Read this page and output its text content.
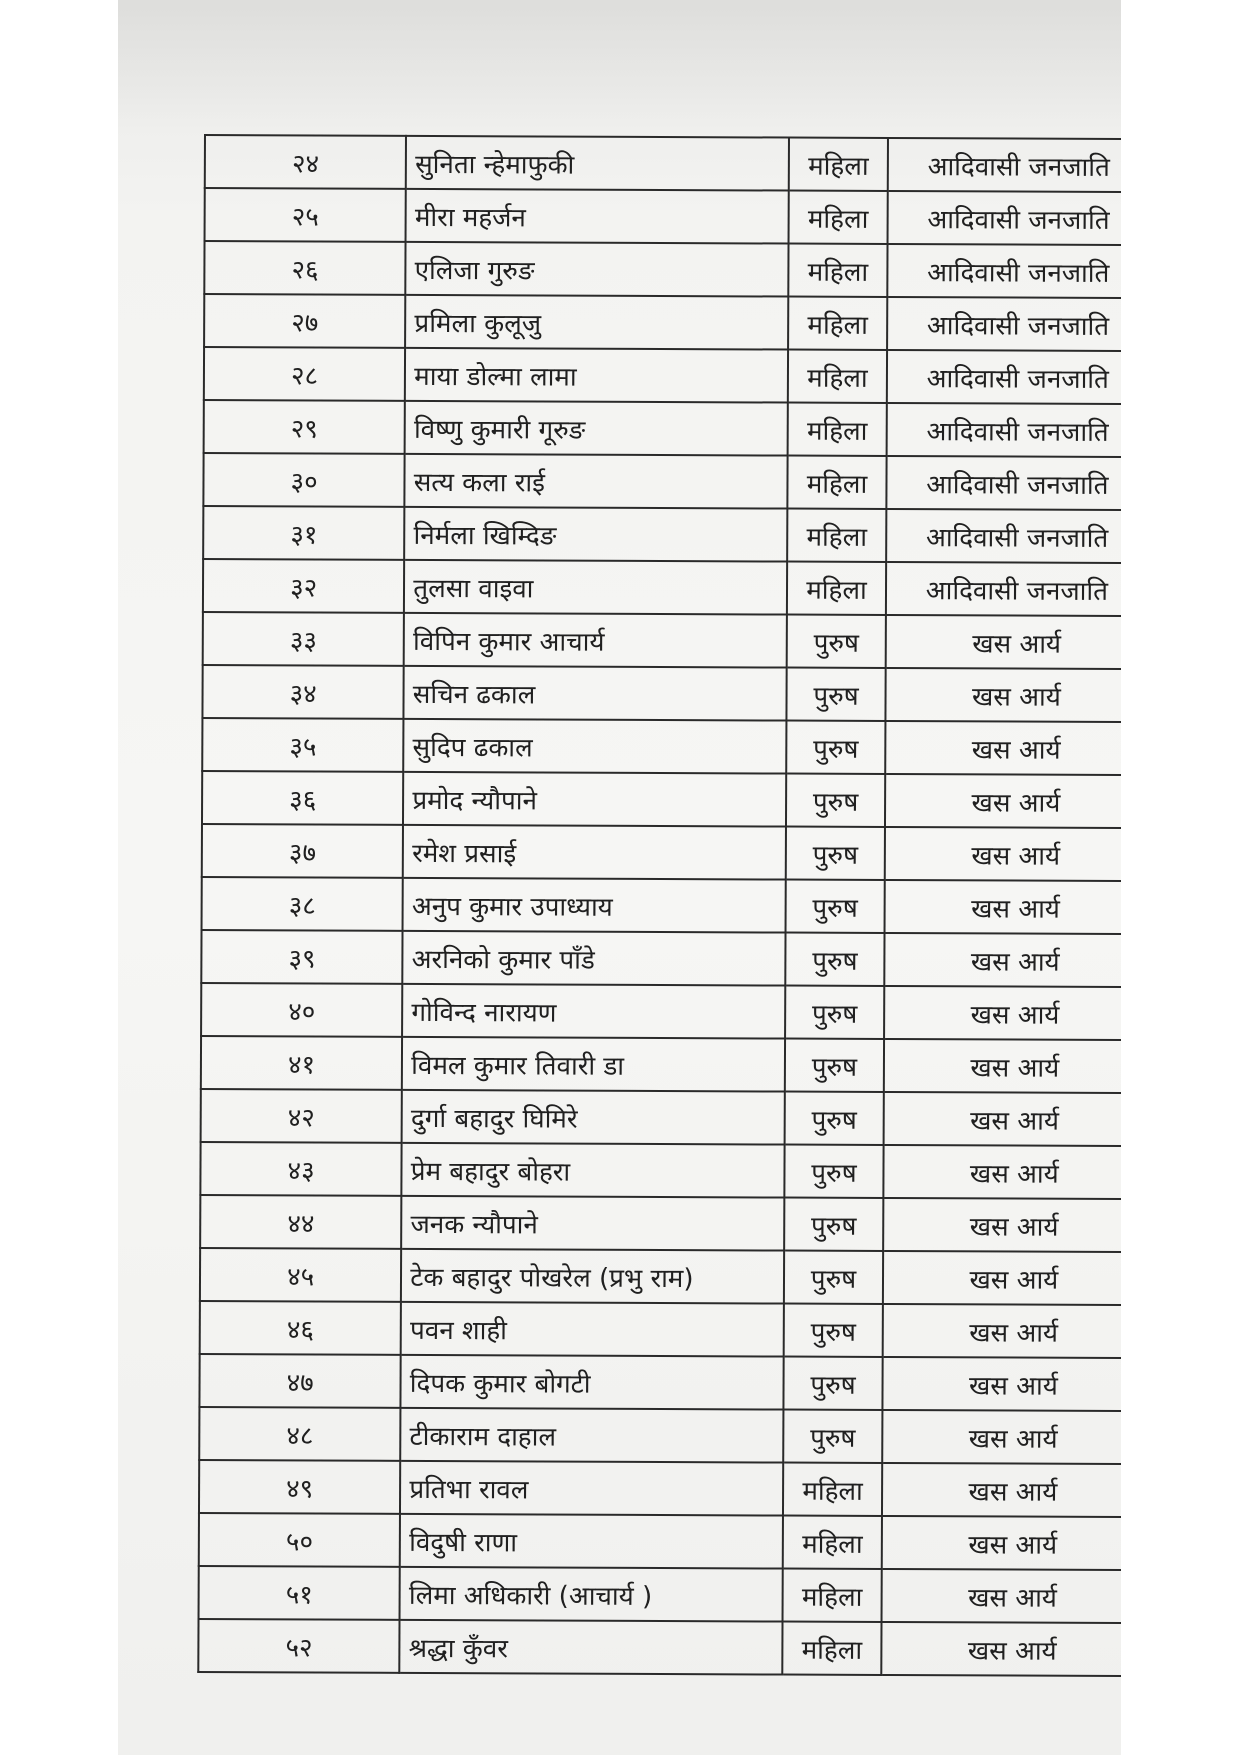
२४	सुनिता न्हेमाफुकी	महिला	आदिवासी जनजाति	
२५	मीरा महर्जन	महिला	आदिवासी जनजाति	
२६	एलिजा गुरुङ	महिला	आदिवासी जनजाति	
२७	प्रमिला कुलूजु	महिला	आदिवासी जनजाति	
२८	माया डोल्मा लामा	महिला	आदिवासी जनजाति	
२९	विष्णु कुमारी गूरुङ	महिला	आदिवासी जनजाति	
३०	सत्य कला राई	महिला	आदिवासी जनजाति	
३१	निर्मला खिम्दिङ	महिला	आदिवासी जनजाति	
३२	तुलसा वाइवा	महिला	आदिवासी जनजाति	
३३	विपिन कुमार आचार्य	पुरुष	खस आर्य	
३४	सचिन ढकाल	पुरुष	खस आर्य	
३५	सुदिप ढकाल	पुरुष	खस आर्य	
३६	प्रमोद न्यौपाने	पुरुष	खस आर्य	
३७	रमेश प्रसाई	पुरुष	खस आर्य	
३८	अनुप कुमार उपाध्याय	पुरुष	खस आर्य	
३९	अरनिको कुमार पाँडे	पुरुष	खस आर्य	
४०	गोविन्द नारायण	पुरुष	खस आर्य	
४१	विमल कुमार तिवारी डा	पुरुष	खस आर्य	
४२	दुर्गा बहादुर घिमिरे	पुरुष	खस आर्य	
४३	प्रेम बहादुर बोहरा	पुरुष	खस आर्य	
४४	जनक न्यौपाने	पुरुष	खस आर्य	
४५	टेक बहादुर पोखरेल (प्रभु राम)	पुरुष	खस आर्य	
४६	पवन शाही	पुरुष	खस आर्य	
४७	दिपक कुमार बोगटी	पुरुष	खस आर्य	
४८	टीकाराम दाहाल	पुरुष	खस आर्य	
४९	प्रतिभा रावल	महिला	खस आर्य	
५०	विदुषी राणा	महिला	खस आर्य	
५१	लिमा अधिकारी (आचार्य )	महिला	खस आर्य	
५२	श्रद्धा कुँवर	महिला	खस आर्य	
